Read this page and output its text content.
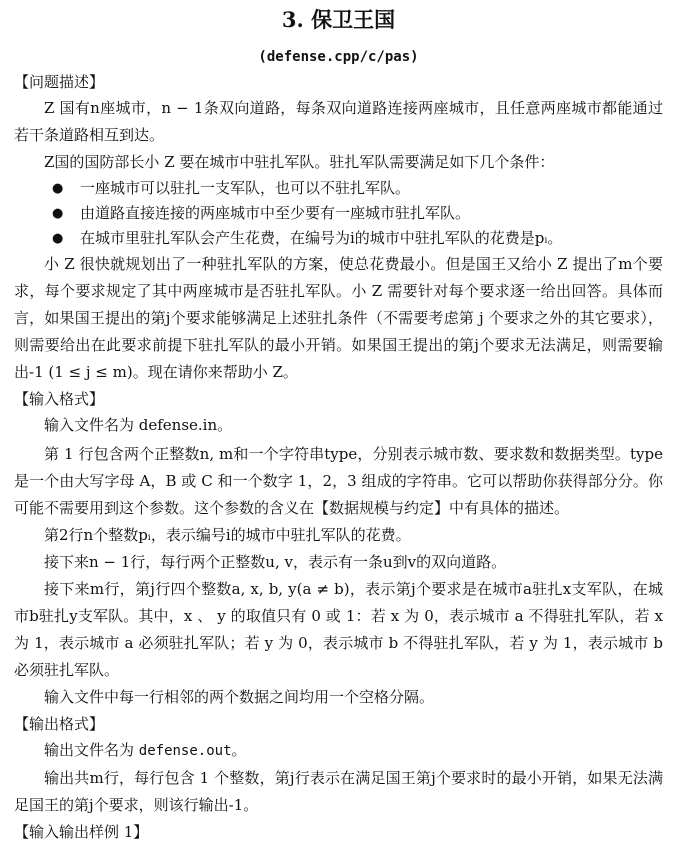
3. 保卫王国
(defense.cpp/c/pas)
【问题描述】

Z 国有n座城市，n − 1条双向道路，每条双向道路连接两座城市，且任意两座城市都能通过若干条道路相互到达。

Z国的国防部长小 Z 要在城市中驻扎军队。驻扎军队需要满足如下几个条件：

● 一座城市可以驻扎一支军队，也可以不驻扎军队。
● 由道路直接连接的两座城市中至少要有一座城市驻扎军队。
● 在城市里驻扎军队会产生花费，在编号为i的城市中驻扎军队的花费是pᵢ。

小 Z 很快就规划出了一种驻扎军队的方案，使总花费最小。但是国王又给小 Z 提出了m个要求，每个要求规定了其中两座城市是否驻扎军队。小 Z 需要针对每个要求逐一给出回答。具体而言，如果国王提出的第j个要求能够满足上述驻扎条件（不需要考虑第 j 个要求之外的其它要求），则需要给出在此要求前提下驻扎军队的最小开销。如果国王提出的第j个要求无法满足，则需要输出-1 (1 ≤ j ≤ m)。现在请你来帮助小 Z。

【输入格式】

输入文件名为 defense.in。

第 1 行包含两个正整数n, m和一个字符串type，分别表示城市数、要求数和数据类型。type是一个由大写字母 A，B 或 C 和一个数字 1，2，3 组成的字符串。它可以帮助你获得部分分。你可能不需要用到这个参数。这个参数的含义在【数据规模与约定】中有具体的描述。

第2行n个整数pᵢ，表示编号i的城市中驻扎军队的花费。

接下来n − 1行，每行两个正整数u, v，表示有一条u到v的双向道路。

接下来m行，第j行四个整数a, x, b, y(a ≠ b)，表示第j个要求是在城市a驻扎x支军队，在城市b驻扎y支军队。其中，x 、 y 的取值只有 0 或 1：若 x 为 0，表示城市 a 不得驻扎军队，若 x 为 1，表示城市 a 必须驻扎军队；若 y 为 0，表示城市 b 不得驻扎军队，若 y 为 1，表示城市 b 必须驻扎军队。

输入文件中每一行相邻的两个数据之间均用一个空格分隔。

【输出格式】

输出文件名为 defense.out。

输出共m行，每行包含 1 个整数，第j行表示在满足国王第j个要求时的最小开销，如果无法满足国王的第j个要求，则该行输出-1。

【输入输出样例 1】
